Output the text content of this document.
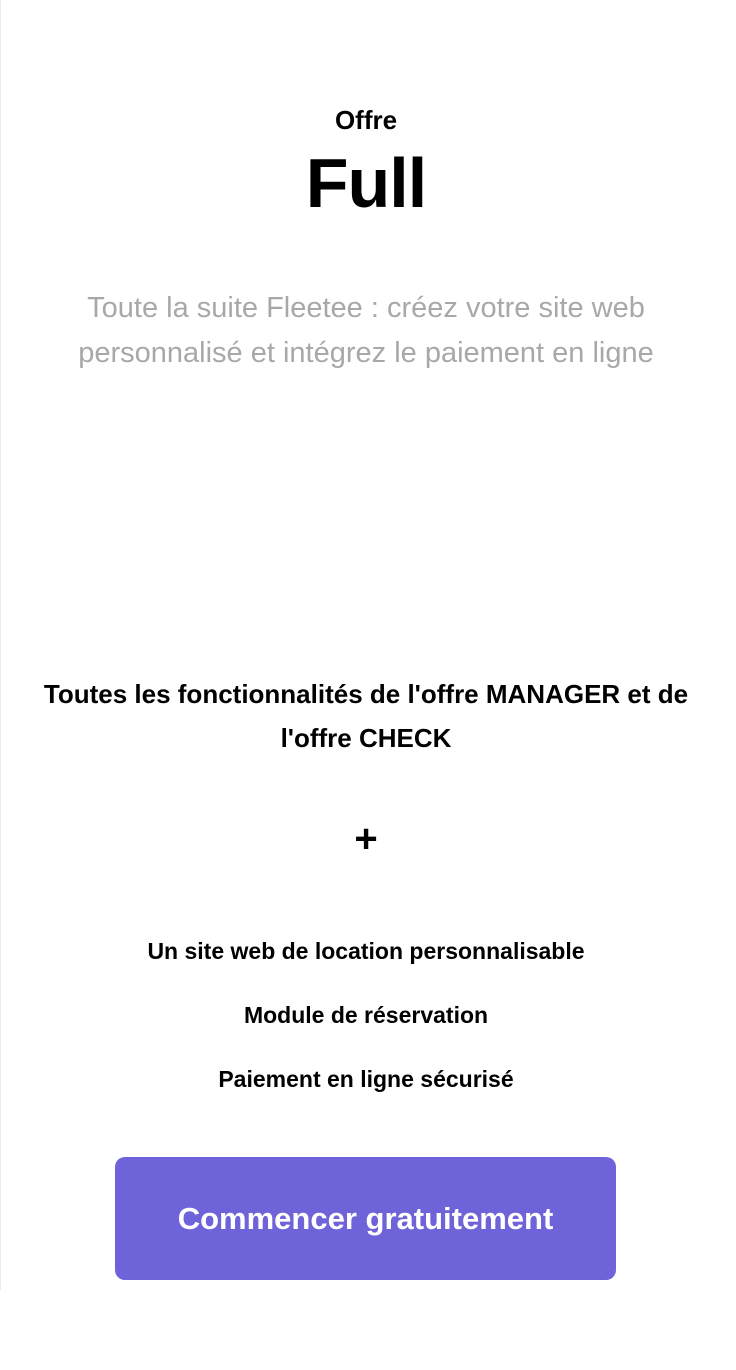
Offre
Full

Toute la suite Fleetee : créez votre site web personnalisé et intégrez le paiement en ligne

Toutes les fonctionnalités de l'offre MANAGER et de l'offre CHECK
+
Un site web de location personnalisable
Module de réservation
Paiement en ligne sécurisé
Commencer gratuitement
